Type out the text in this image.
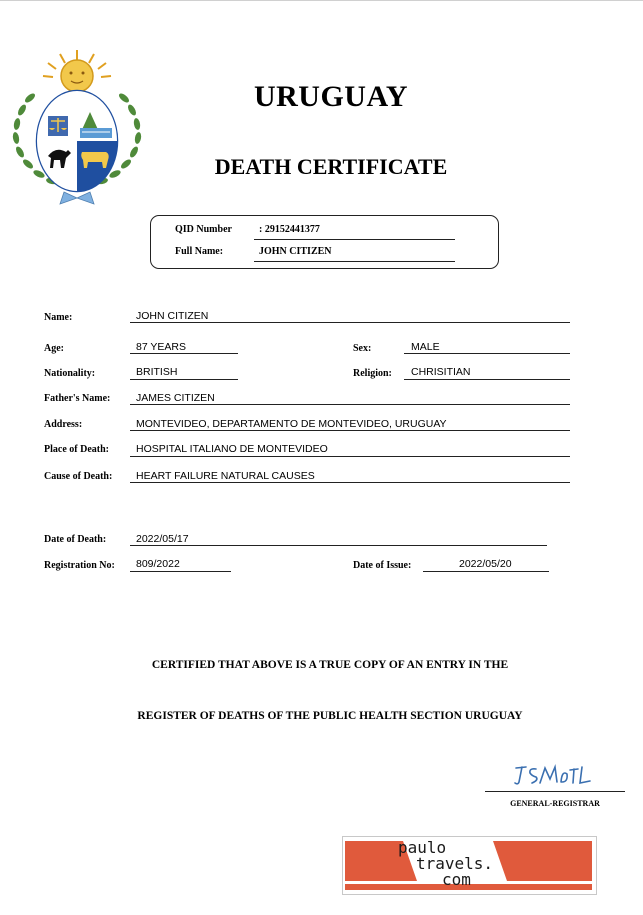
URUGUAY
DEATH CERTIFICATE
QID Number	: 29152441377
Full Name:	JOHN CITIZEN
Name:	JOHN CITIZEN
Age:	87 YEARS	Sex:	MALE
Nationality:	BRITISH	Religion: CHRISITIAN
Father's Name: JAMES CITIZEN
Address:	MONTEVIDEO, DEPARTAMENTO DE MONTEVIDEO, URUGUAY
Place of Death:	HOSPITAL ITALIANO DE MONTEVIDEO
Cause of Death: HEART FAILURE NATURAL CAUSES
Date of Death:	2022/05/17
Registration No: 809/2022	Date of Issue:	2022/05/20
CERTIFIED THAT ABOVE IS A TRUE COPY OF AN ENTRY IN THE
REGISTER OF DEATHS OF THE PUBLIC HEALTH SECTION URUGUAY
GENERAL-REGISTRAR
paulo
travels.
com
